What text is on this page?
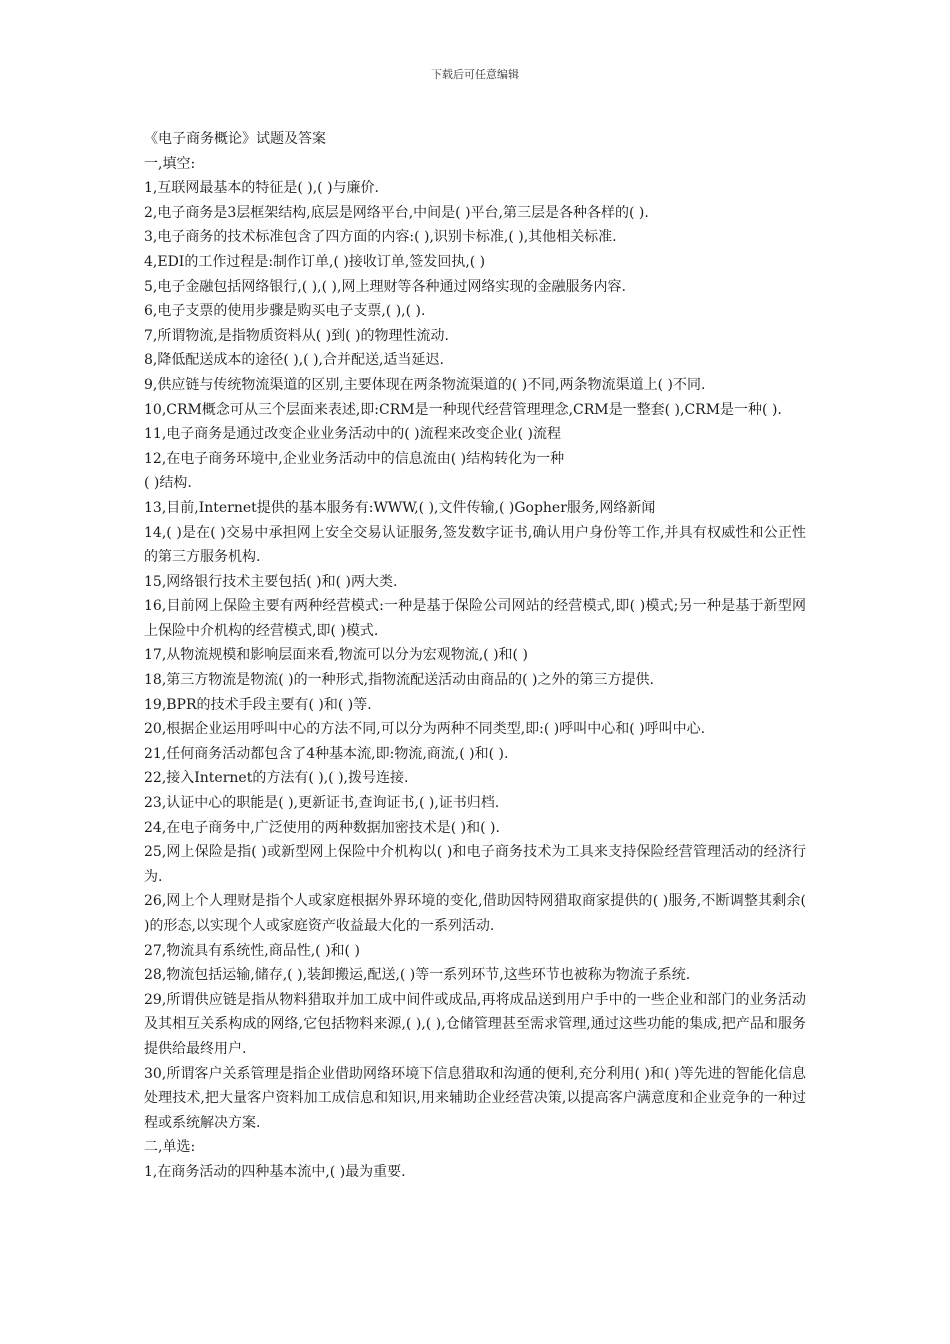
下载后可任意编辑

《电子商务概论》试题及答案

一,填空:

1,互联网最基本的特征是( ),( )与廉价.

2,电子商务是3层框架结构,底层是网络平台,中间是( )平台,第三层是各种各样的( ).

3,电子商务的技术标准包含了四方面的内容:( ),识别卡标准,( ),其他相关标准.

4,EDI的工作过程是:制作订单,( )接收订单,签发回执,( )

5,电子金融包括网络银行,( ),( ),网上理财等各种通过网络实现的金融服务内容.

6,电子支票的使用步骤是购买电子支票,( ),( ).

7,所谓物流,是指物质资料从( )到( )的物理性流动.

8,降低配送成本的途径( ),( ),合并配送,适当延迟.

9,供应链与传统物流渠道的区别,主要体现在两条物流渠道的( )不同,两条物流渠道上( )不同.

10,CRM概念可从三个层面来表述,即:CRM是一种现代经营管理理念,CRM是一整套( ),CRM是一种( ).

11,电子商务是通过改变企业业务活动中的( )流程来改变企业( )流程

12,在电子商务环境中,企业业务活动中的信息流由( )结构转化为一种

( )结构.

13,目前,Internet提供的基本服务有:WWW,( ),文件传输,( )Gopher服务,网络新闻

14,( )是在( )交易中承担网上安全交易认证服务,签发数字证书,确认用户身份等工作,并具有权威性和公正性的第三方服务机构.

15,网络银行技术主要包括( )和( )两大类.

16,目前网上保险主要有两种经营模式:一种是基于保险公司网站的经营模式,即( )模式;另一种是基于新型网上保险中介机构的经营模式,即( )模式.

17,从物流规模和影响层面来看,物流可以分为宏观物流,( )和( )

18,第三方物流是物流( )的一种形式,指物流配送活动由商品的( )之外的第三方提供.

19,BPR的技术手段主要有( )和( )等.

20,根据企业运用呼叫中心的方法不同,可以分为两种不同类型,即:( )呼叫中心和( )呼叫中心.

21,任何商务活动都包含了4种基本流,即:物流,商流,( )和( ).

22,接入Internet的方法有( ),( ),拨号连接.

23,认证中心的职能是( ),更新证书,查询证书,( ),证书归档.

24,在电子商务中,广泛使用的两种数据加密技术是( )和( ).

25,网上保险是指( )或新型网上保险中介机构以( )和电子商务技术为工具来支持保险经营管理活动的经济行为.

26,网上个人理财是指个人或家庭根据外界环境的变化,借助因特网猎取商家提供的( )服务,不断调整其剩余( )的形态,以实现个人或家庭资产收益最大化的一系列活动.

27,物流具有系统性,商品性,( )和( )

28,物流包括运输,储存,( ),装卸搬运,配送,( )等一系列环节,这些环节也被称为物流子系统.

29,所谓供应链是指从物料猎取并加工成中间件或成品,再将成品送到用户手中的一些企业和部门的业务活动及其相互关系构成的网络,它包括物料来源,( ),( ),仓储管理甚至需求管理,通过这些功能的集成,把产品和服务提供给最终用户.

30,所谓客户关系管理是指企业借助网络环境下信息猎取和沟通的便利,充分利用( )和( )等先进的智能化信息处理技术,把大量客户资料加工成信息和知识,用来辅助企业经营决策,以提高客户满意度和企业竞争的一种过程或系统解决方案.

二,单选:

1,在商务活动的四种基本流中,( )最为重要.
